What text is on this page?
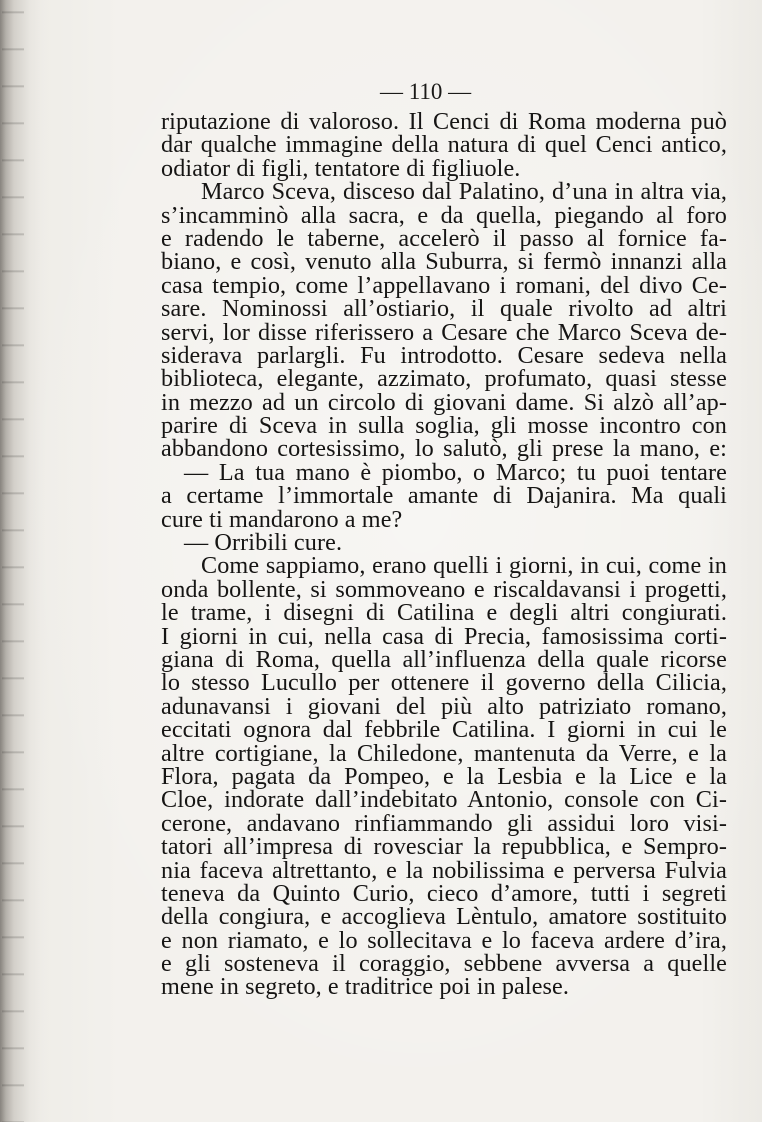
— 110 —
riputazione di valoroso. Il Cenci di Roma moderna può
dar qualche immagine della natura di quel Cenci antico,
odiator di figli, tentatore di figliuole.
Marco Sceva, disceso dal Palatino, d’una in altra via,
s’incamminò alla sacra, e da quella, piegando al foro
e radendo le taberne, accelerò il passo al fornice fa-
biano, e così, venuto alla Suburra, si fermò innanzi alla
casa tempio, come l’appellavano i romani, del divo Ce-
sare. Nominossi all’ostiario, il quale rivolto ad altri
servi, lor disse riferissero a Cesare che Marco Sceva de-
siderava parlargli. Fu introdotto. Cesare sedeva nella
biblioteca, elegante, azzimato, profumato, quasi stesse
in mezzo ad un circolo di giovani dame. Si alzò all’ap-
parire di Sceva in sulla soglia, gli mosse incontro con
abbandono cortesissimo, lo salutò, gli prese la mano, e:
— La tua mano è piombo, o Marco; tu puoi tentare
a certame l’immortale amante di Dajanira. Ma quali
cure ti mandarono a me?
— Orribili cure.
Come sappiamo, erano quelli i giorni, in cui, come in
onda bollente, si sommoveano e riscaldavansi i progetti,
le trame, i disegni di Catilina e degli altri congiurati.
I giorni in cui, nella casa di Precia, famosissima corti-
giana di Roma, quella all’influenza della quale ricorse
lo stesso Lucullo per ottenere il governo della Cilicia,
adunavansi i giovani del più alto patriziato romano,
eccitati ognora dal febbrile Catilina. I giorni in cui le
altre cortigiane, la Chiledone, mantenuta da Verre, e la
Flora, pagata da Pompeo, e la Lesbia e la Lice e la
Cloe, indorate dall’indebitato Antonio, console con Ci-
cerone, andavano rinfiammando gli assidui loro visi-
tatori all’impresa di rovesciar la repubblica, e Sempro-
nia faceva altrettanto, e la nobilissima e perversa Fulvia
teneva da Quinto Curio, cieco d’amore, tutti i segreti
della congiura, e accoglieva Lèntulo, amatore sostituito
e non riamato, e lo sollecitava e lo faceva ardere d’ira,
e gli sosteneva il coraggio, sebbene avversa a quelle
mene in segreto, e traditrice poi in palese.
